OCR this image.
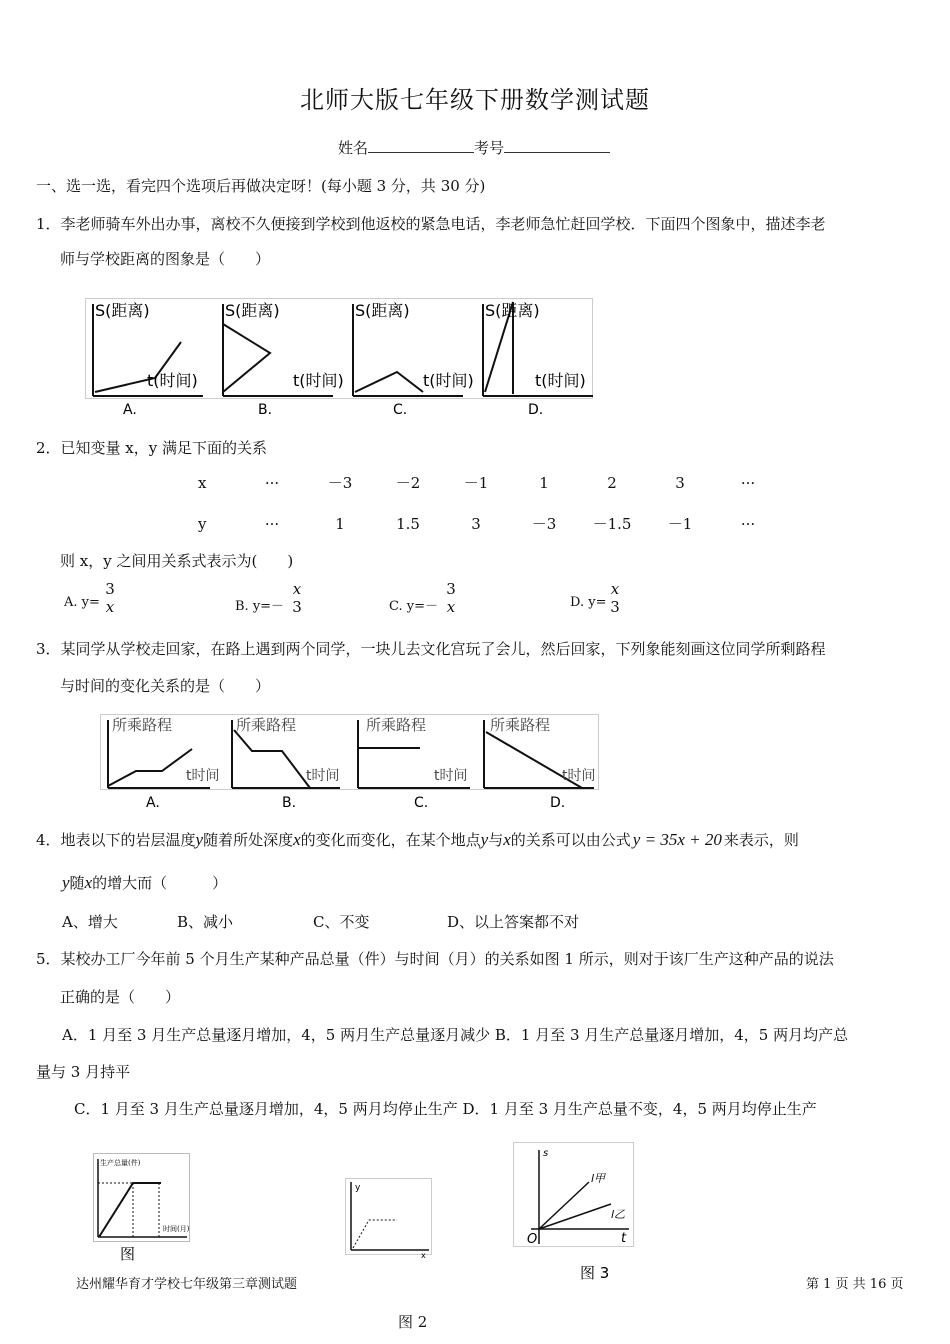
北师大版七年级下册数学测试题
姓名	考号
一、选一选，看完四个选项后再做决定呀！(每小题 3 分，共 30 分)
1．李老师骑车外出办事，离校不久便接到学校到他返校的紧急电话，李老师急忙赶回学校．下面四个图象中，描述李老
师与学校距离的图象是（　　）
S(距离)
t(时间)
S(距离)
t(时间)
S(距离)
t(时间)
S(距离)
t(时间)
A.	B.	C.	D.
2．已知变量 x，y 满足下面的关系
x	···	－3	－2	－1	1	2	3	···

y	···	1	1.5	3	－3	－1.5	－1	···
则 x，y 之间用关系式表示为(　　)
A. y=
3
x	B. y=－
x
3	C. y=－
3
x	D. y=
x
3
3．某同学从学校走回家，在路上遇到两个同学，一块儿去文化宫玩了会儿，然后回家，下列象能刻画这位同学所剩路程
与时间的变化关系的是（　　）
所乘路程
t时间
所乘路程
t时间
所乘路程
t时间
所乘路程
t时间
A.	B.	C.	D.
4．地表以下的岩层温度y随着所处深度x的变化而变化，在某个地点y与x的关系可以由公式 y = 35x + 20 来表示，则
y随x的增大而（　　　）
A、增大	B、减小	C、不变	D、以上答案都不对
5．某校办工厂今年前 5 个月生产某种产品总量（件）与时间（月）的关系如图 1 所示，则对于该厂生产这种产品的说法
正确的是（　　）
A．1 月至 3 月生产总量逐月增加，4，5 两月生产总量逐月减少 B．1 月至 3 月生产总量逐月增加，4，5 两月均产总
量与 3 月持平
C．1 月至 3 月生产总量逐月增加，4，5 两月均停止生产 D．1 月至 3 月生产总量不变，4，5 两月均停止生产
生产总量(件)
时间(月)
图
y
x
图 2
s
t
O
l甲
l乙
图 3
达州耀华育才学校七年级第三章测试题	第 1 页 共 16 页
